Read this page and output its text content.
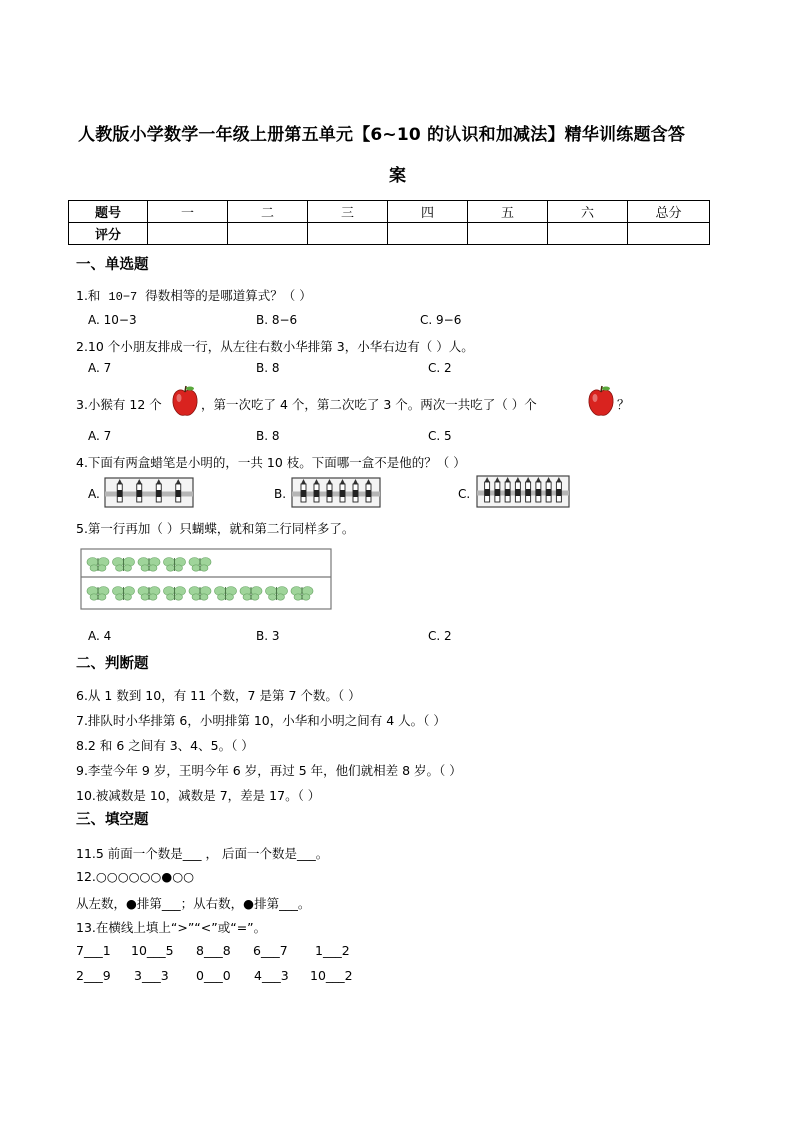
人教版小学数学一年级上册第五单元【6~10 的认识和加减法】精华训练题含答
案
题号	一	二	三	四	五	六	总分
评分							
一、单选题
1.和 10−7 得数相等的是哪道算式？（ ）
A. 10−3	B. 8−6	C. 9−6
2.10 个小朋友排成一行，从左往右数小华排第 3，小华右边有（ ）人。
A. 7	B. 8	C. 2
3.小猴有 12 个	，第一次吃了 4 个，第二次吃了 3 个。两次一共吃了（ ）个	？
A. 7	B. 8	C. 5
4.下面有两盒蜡笔是小明的，一共 10 枝。下面哪一盒不是他的？（ ）
A.	B.	C.
5.第一行再加（ ）只蝴蝶，就和第二行同样多了。
A. 4	B. 3	C. 2
二、判断题
6.从 1 数到 10，有 11 个数，7 是第 7 个数。（ ）
7.排队时小华排第 6，小明排第 10，小华和小明之间有 4 人。（ ）
8.2 和 6 之间有 3、4、5。（ ）
9.李莹今年 9 岁，王明今年 6 岁，再过 5 年，他们就相差 8 岁。（ ）
10.被减数是 10，减数是 7，差是 17。（ ）
三、填空题
11.5 前面一个数是___ ， 后面一个数是___。
12.○○○○○○●○○
从左数，●排第___；从右数，●排第___。
13.在横线上填上“>”“<”或“=”。
7___1 10___5 8___8 6___7 1___2
2___9 3___3 0___0 4___3 10___2
